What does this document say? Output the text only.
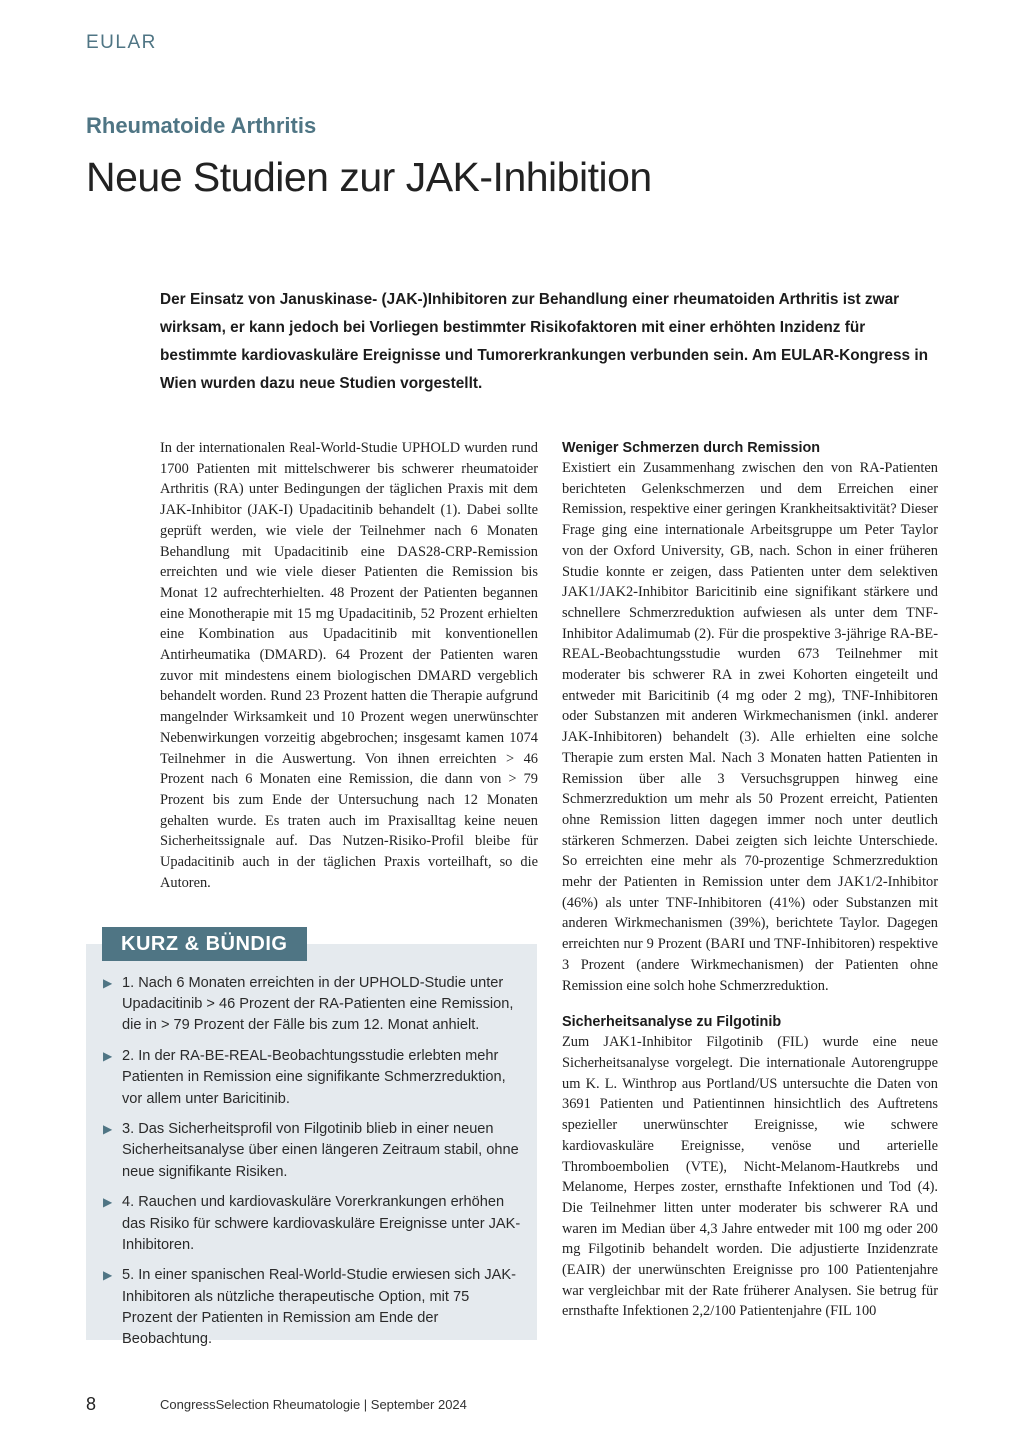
EULAR
Rheumatoide Arthritis
Neue Studien zur JAK-Inhibition

Der Einsatz von Januskinase- (JAK-)Inhibitoren zur Behandlung einer rheumatoiden Arthritis ist zwar wirksam, er kann jedoch bei Vorliegen bestimmter Risikofaktoren mit einer erhöhten Inzidenz für bestimmte kardiovaskuläre Ereignisse und Tumorerkrankungen verbunden sein. Am EULAR-Kongress in Wien wurden dazu neue Studien vorgestellt.

In der internationalen Real-World-Studie UPHOLD wurden rund 1700 Patienten mit mittelschwerer bis schwerer rheumatoider Arthritis (RA) unter Bedingungen der täglichen Praxis mit dem JAK-Inhibitor (JAK-I) Upadacitinib behandelt (1). Dabei sollte geprüft werden, wie viele der Teilnehmer nach 6 Monaten Behandlung mit Upadacitinib eine DAS28-CRP-Remission erreichten und wie viele dieser Patienten die Remission bis Monat 12 aufrechterhielten. 48 Prozent der Patienten begannen eine Monotherapie mit 15 mg Upadacitinib, 52 Prozent erhielten eine Kombination aus Upadacitinib mit konventionellen Antirheumatika (DMARD). 64 Prozent der Patienten waren zuvor mit mindestens einem biologischen DMARD vergeblich behandelt worden. Rund 23 Prozent hatten die Therapie aufgrund mangelnder Wirksamkeit und 10 Prozent wegen unerwünschter Nebenwirkungen vorzeitig abgebrochen; insgesamt kamen 1074 Teilnehmer in die Auswertung. Von ihnen erreichten > 46 Prozent nach 6 Monaten eine Remission, die dann von > 79 Prozent bis zum Ende der Untersuchung nach 12 Monaten gehalten wurde. Es traten auch im Praxisalltag keine neuen Sicherheitssignale auf. Das Nutzen-Risiko-Profil bleibe für Upadacitinib auch in der täglichen Praxis vorteilhaft, so die Autoren.

KURZ & BÜNDIG
▶ 1. Nach 6 Monaten erreichten in der UPHOLD-Studie unter Upadacitinib > 46 Prozent der RA-Patienten eine Remission, die in > 79 Prozent der Fälle bis zum 12. Monat anhielt.
▶ 2. In der RA-BE-REAL-Beobachtungsstudie erlebten mehr Patienten in Remission eine signifikante Schmerzreduktion, vor allem unter Baricitinib.
▶ 3. Das Sicherheitsprofil von Filgotinib blieb in einer neuen Sicherheitsanalyse über einen längeren Zeitraum stabil, ohne neue signifikante Risiken.
▶ 4. Rauchen und kardiovaskuläre Vorerkrankungen erhöhen das Risiko für schwere kardiovaskuläre Ereignisse unter JAK-Inhibitoren.
▶ 5. In einer spanischen Real-World-Studie erwiesen sich JAK-Inhibitoren als nützliche therapeutische Option, mit 75 Prozent der Patienten in Remission am Ende der Beobachtung.
Weniger Schmerzen durch Remission

Existiert ein Zusammenhang zwischen den von RA-Patienten berichteten Gelenkschmerzen und dem Erreichen einer Remission, respektive einer geringen Krankheitsaktivität? Dieser Frage ging eine internationale Arbeitsgruppe um Peter Taylor von der Oxford University, GB, nach. Schon in einer früheren Studie konnte er zeigen, dass Patienten unter dem selektiven JAK1/JAK2-Inhibitor Baricitinib eine signifikant stärkere und schnellere Schmerzreduktion aufwiesen als unter dem TNF-Inhibitor Adalimumab (2). Für die prospektive 3-jährige RA-BE-REAL-Beobachtungsstudie wurden 673 Teilnehmer mit moderater bis schwerer RA in zwei Kohorten eingeteilt und entweder mit Baricitinib (4 mg oder 2 mg), TNF-Inhibitoren oder Substanzen mit anderen Wirkmechanismen (inkl. anderer JAK-Inhibitoren) behandelt (3). Alle erhielten eine solche Therapie zum ersten Mal. Nach 3 Monaten hatten Patienten in Remission über alle 3 Versuchsgruppen hinweg eine Schmerzreduktion um mehr als 50 Prozent erreicht, Patienten ohne Remission litten dagegen immer noch unter deutlich stärkeren Schmerzen. Dabei zeigten sich leichte Unterschiede. So erreichten eine mehr als 70-prozentige Schmerzreduktion mehr der Patienten in Remission unter dem JAK1/2-Inhibitor (46%) als unter TNF-Inhibitoren (41%) oder Substanzen mit anderen Wirkmechanismen (39%), berichtete Taylor. Dagegen erreichten nur 9 Prozent (BARI und TNF-Inhibitoren) respektive 3 Prozent (andere Wirkmechanismen) der Patienten ohne Remission eine solch hohe Schmerzreduktion.

Sicherheitsanalyse zu Filgotinib

Zum JAK1-Inhibitor Filgotinib (FIL) wurde eine neue Sicherheitsanalyse vorgelegt. Die internationale Autorengruppe um K. L. Winthrop aus Portland/US untersuchte die Daten von 3691 Patienten und Patientinnen hinsichtlich des Auftretens spezieller unerwünschter Ereignisse, wie schwere kardiovaskuläre Ereignisse, venöse und arterielle Thromboembolien (VTE), Nicht-Melanom-Hautkrebs und Melanome, Herpes zoster, ernsthafte Infektionen und Tod (4). Die Teilnehmer litten unter moderater bis schwerer RA und waren im Median über 4,3 Jahre entweder mit 100 mg oder 200 mg Filgotinib behandelt worden. Die adjustierte Inzidenzrate (EAIR) der unerwünschten Ereignisse pro 100 Patientenjahre war vergleichbar mit der Rate früherer Analysen. Sie betrug für ernsthafte Infektionen 2,2/100 Patientenjahre (FIL 100

8	CongressSelection Rheumatologie | September 2024
